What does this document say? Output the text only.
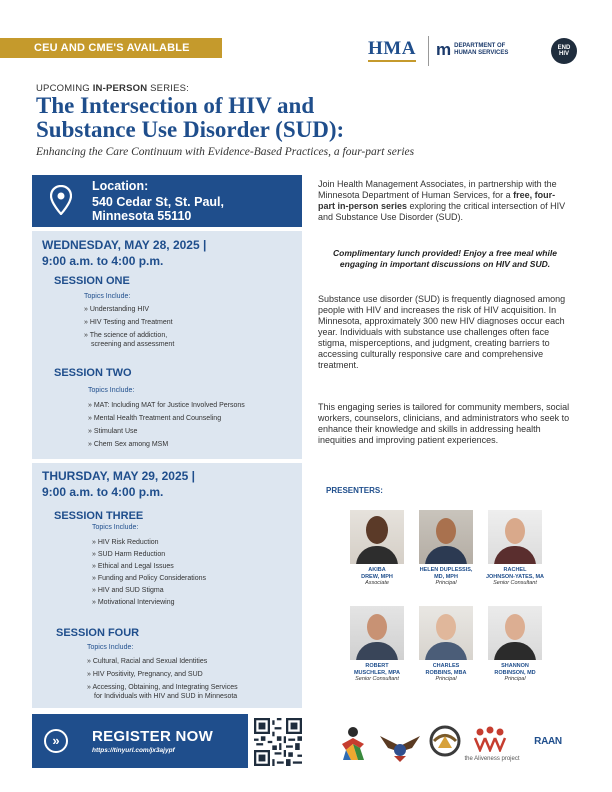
CEU AND CME'S AVAILABLE	HMA m DEPARTMENT OF
HUMAN SERVICES
END
HIV
UPCOMING IN-PERSON SERIES:
The Intersection of HIV and
Substance Use Disorder (SUD):
Enhancing the Care Continuum with Evidence-Based Practices, a four-part series
Location:
540 Cedar St, St. Paul,
Minnesota 55110
WEDNESDAY, MAY 28, 2025 |
9:00 a.m. to 4:00 p.m.
SESSION ONE
Topics Include:
» Understanding HIV
» HIV Testing and Treatment
» The science of addiction,
screening and assessment
SESSION TWO
Topics Include:
» MAT: Including MAT for Justice Involved Persons
» Mental Health Treatment and Counseling
» Stimulant Use
» Chem Sex among MSM
THURSDAY, MAY 29, 2025 |
9:00 a.m. to 4:00 p.m.
SESSION THREE
Topics Include:
» HIV Risk Reduction
» SUD Harm Reduction
» Ethical and Legal Issues
» Funding and Policy Considerations
» HIV and SUD Stigma
» Motivational Interviewing
SESSION FOUR
Topics Include:
» Cultural, Racial and Sexual Identities
» HIV Positivity, Pregnancy, and SUD
» Accessing, Obtaining, and Integrating Services
for Individuals with HIV and SUD in Minnesota
Join Health Management Associates, in partnership with the Minnesota Department of Human Services, for a free, four-part in-person series exploring the critical intersection of HIV and Substance Use Disorder (SUD).
Complimentary lunch provided! Enjoy a free meal while engaging in important discussions on HIV and SUD.
Substance use disorder (SUD) is frequently diagnosed among people with HIV and increases the risk of HIV acquisition. In Minnesota, approximately 300 new HIV diagnoses occur each year. Individuals with substance use challenges often face stigma, misperceptions, and judgment, creating barriers to accessing culturally responsive care and comprehensive treatment.
This engaging series is tailored for community members, social workers, counselors, clinicians, and administrators who seek to enhance their knowledge and skills in addressing health inequities and improving patient experiences.
PRESENTERS:
AKIBA
DREW, MPH
Associate
HELEN DUPLESSIS,
MD, MPH
Principal
RACHEL
JOHNSON-YATES, MA
Senior Consultant
ROBERT
MUSCHLER, MPA
Senior Consultant
CHARLES
ROBBINS, MBA
Principal
SHANNON
ROBINSON, MD
Principal
»	REGISTER NOW
https://tinyurl.com/jx3ajypf
the Aliveness project
RAAN
